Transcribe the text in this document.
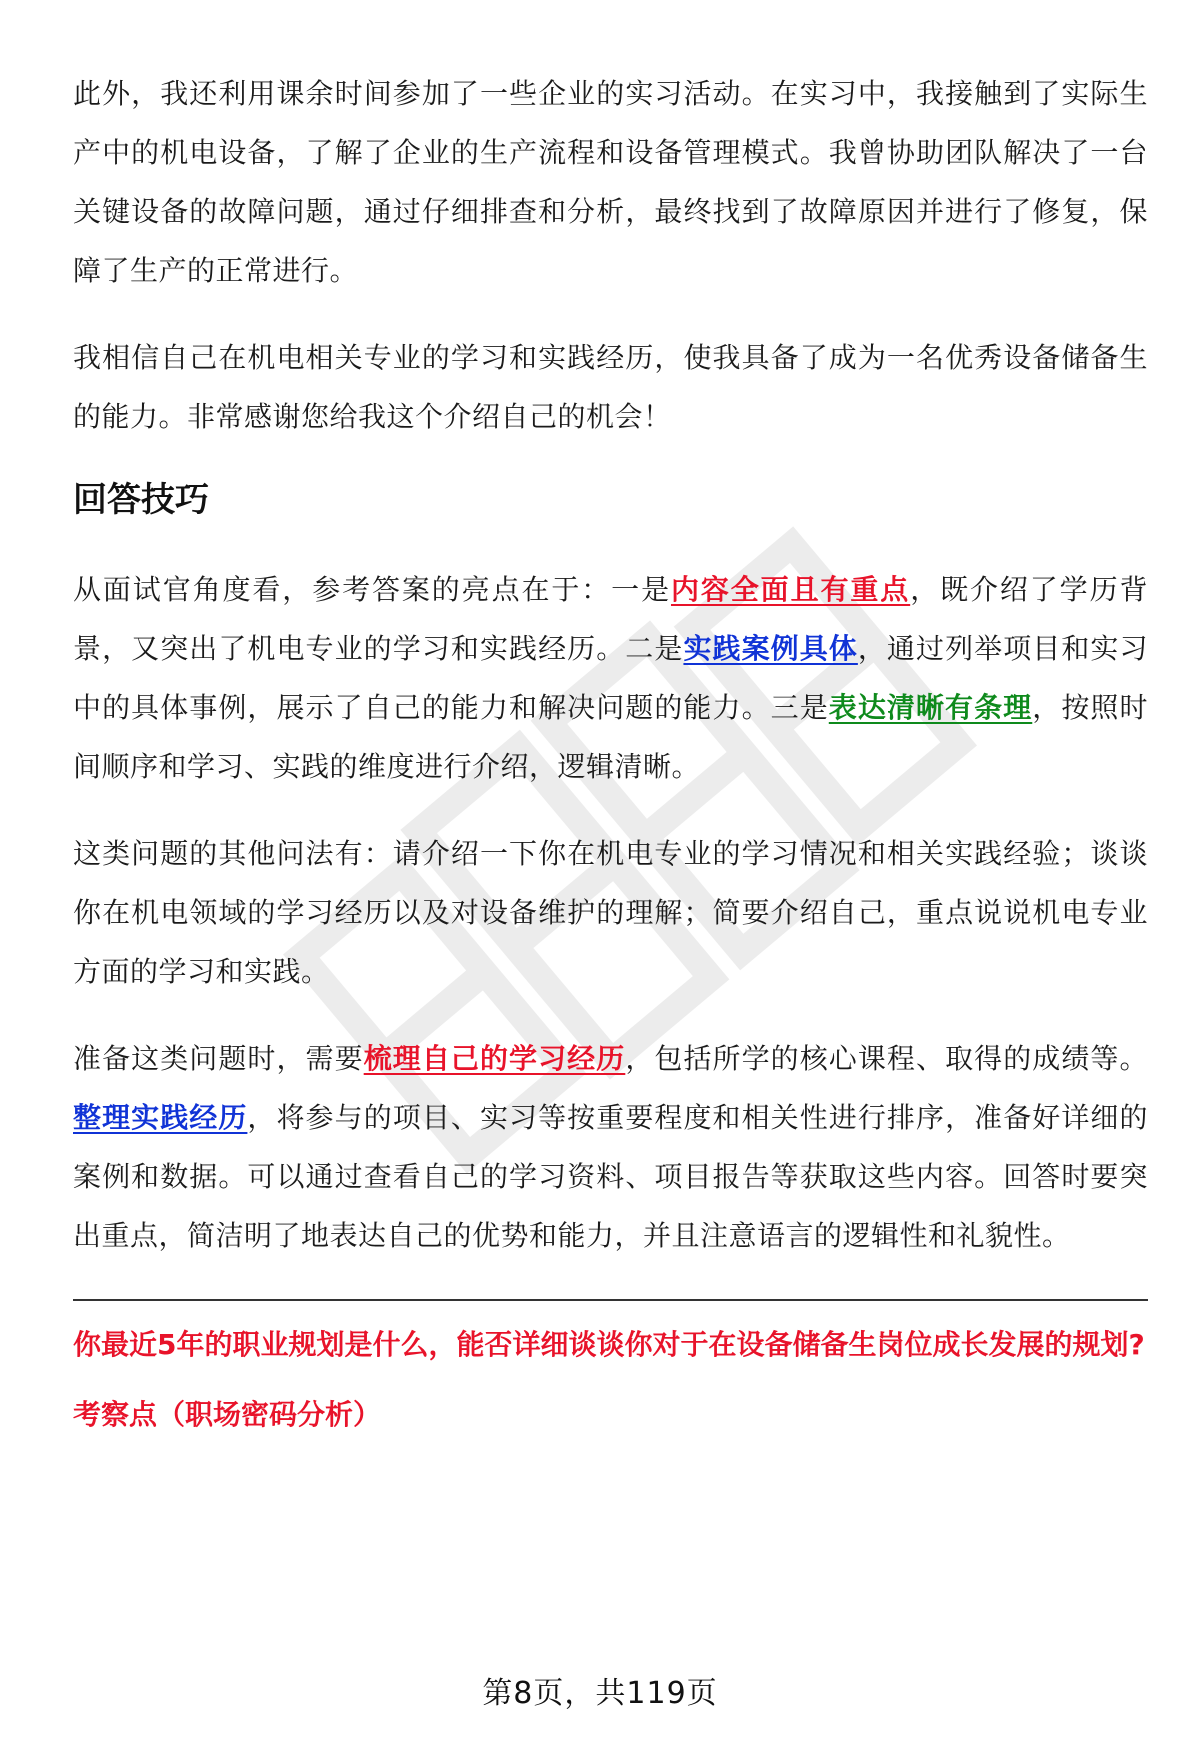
此外，我还利用课余时间参加了一些企业的实习活动。在实习中，我接触到了实际生产中的机电设备，了解了企业的生产流程和设备管理模式。我曾协助团队解决了一台关键设备的故障问题，通过仔细排查和分析，最终找到了故障原因并进行了修复，保障了生产的正常进行。

我相信自己在机电相关专业的学习和实践经历，使我具备了成为一名优秀设备储备生的能力。非常感谢您给我这个介绍自己的机会！

回答技巧

从面试官角度看，参考答案的亮点在于：一是内容全面且有重点，既介绍了学历背景，又突出了机电专业的学习和实践经历。二是实践案例具体，通过列举项目和实习中的具体事例，展示了自己的能力和解决问题的能力。三是表达清晰有条理，按照时间顺序和学习、实践的维度进行介绍，逻辑清晰。

这类问题的其他问法有：请介绍一下你在机电专业的学习情况和相关实践经验；谈谈你在机电领域的学习经历以及对设备维护的理解；简要介绍自己，重点说说机电专业方面的学习和实践。

准备这类问题时，需要梳理自己的学习经历，包括所学的核心课程、取得的成绩等。整理实践经历，将参与的项目、实习等按重要程度和相关性进行排序，准备好详细的案例和数据。可以通过查看自己的学习资料、项目报告等获取这些内容。回答时要突出重点，简洁明了地表达自己的优势和能力，并且注意语言的逻辑性和礼貌性。

你最近5年的职业规划是什么，能否详细谈谈你对于在设备储备生岗位成长发展的规划?

考察点（职场密码分析）

第8页，共119页
